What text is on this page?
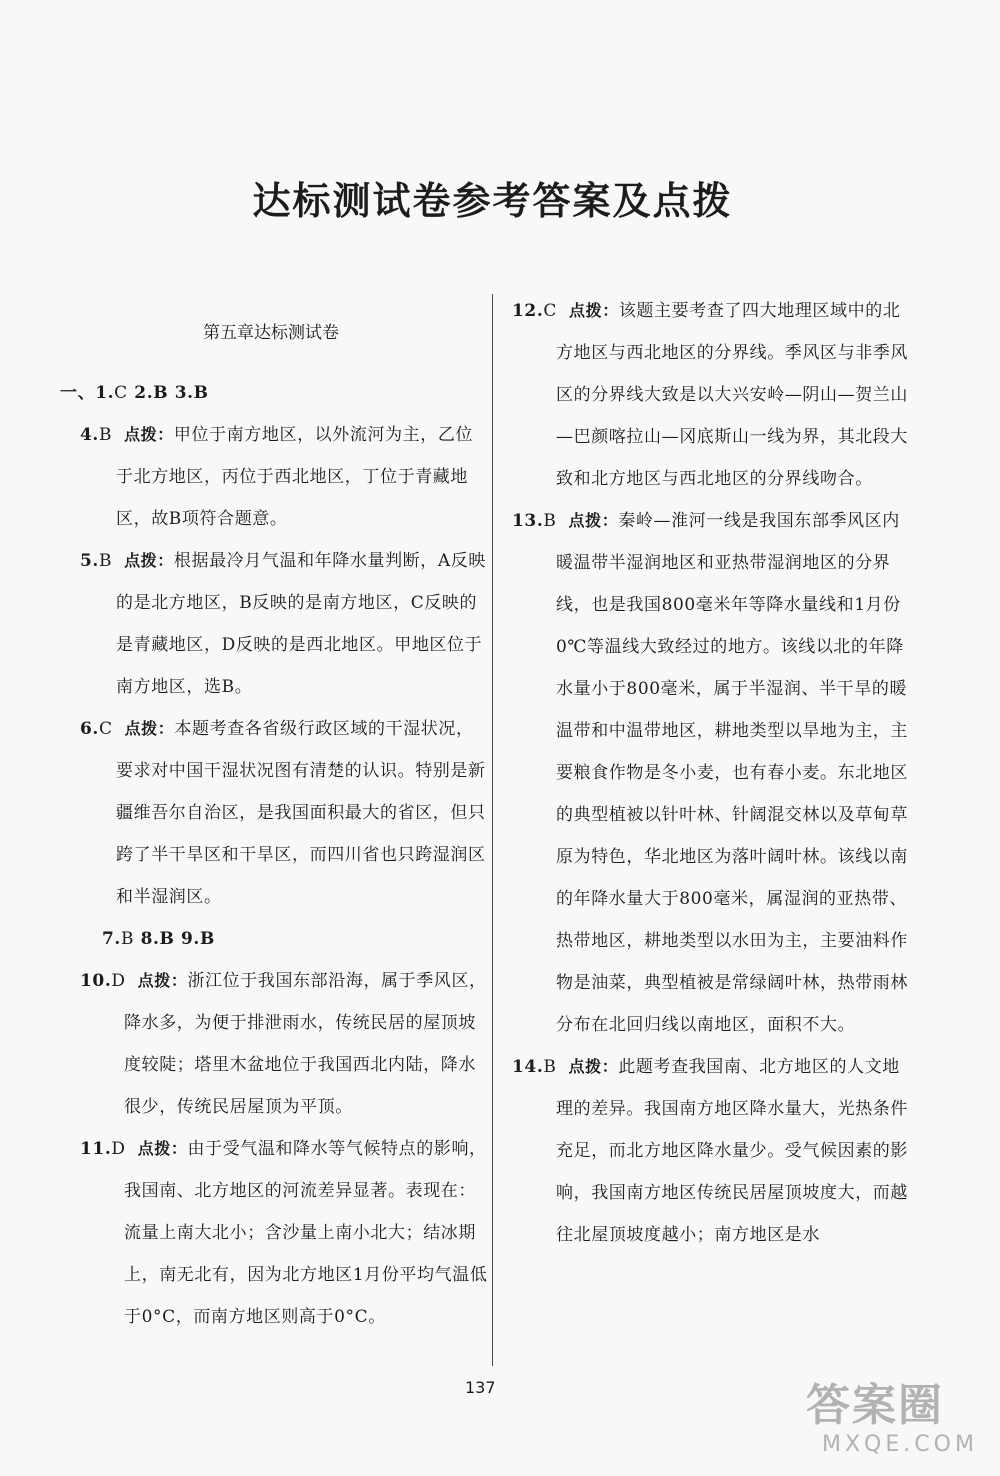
达标测试卷参考答案及点拨
第五章达标测试卷
一、1.C 2.B 3.B
4.B 点拨：甲位于南方地区，以外流河为主，乙位于北方地区，丙位于西北地区，丁位于青藏地区，故B项符合题意。
5.B 点拨：根据最冷月气温和年降水量判断，A反映的是北方地区，B反映的是南方地区，C反映的是青藏地区，D反映的是西北地区。甲地区位于南方地区，选B。
6.C 点拨：本题考查各省级行政区域的干湿状况，要求对中国干湿状况图有清楚的认识。特别是新疆维吾尔自治区，是我国面积最大的省区，但只跨了半干旱区和干旱区，而四川省也只跨湿润区和半湿润区。
7.B 8.B 9.B
10.D 点拨：浙江位于我国东部沿海，属于季风区，降水多，为便于排泄雨水，传统民居的屋顶坡度较陡；塔里木盆地位于我国西北内陆，降水很少，传统民居屋顶为平顶。
11.D 点拨：由于受气温和降水等气候特点的影响，我国南、北方地区的河流差异显著。表现在：流量上南大北小；含沙量上南小北大；结冰期上，南无北有，因为北方地区1月份平均气温低于0°C，而南方地区则高于0°C。
12.C 点拨：该题主要考查了四大地理区域中的北方地区与西北地区的分界线。季风区与非季风区的分界线大致是以大兴安岭—阴山—贺兰山—巴颜喀拉山—冈底斯山一线为界，其北段大致和北方地区与西北地区的分界线吻合。
13.B 点拨：秦岭—淮河一线是我国东部季风区内暖温带半湿润地区和亚热带湿润地区的分界线，也是我国800毫米年等降水量线和1月份0℃等温线大致经过的地方。该线以北的年降水量小于800毫米，属于半湿润、半干旱的暖温带和中温带地区，耕地类型以旱地为主，主要粮食作物是冬小麦，也有春小麦。东北地区的典型植被以针叶林、针阔混交林以及草甸草原为特色，华北地区为落叶阔叶林。该线以南的年降水量大于800毫米，属湿润的亚热带、热带地区，耕地类型以水田为主，主要油料作物是油菜，典型植被是常绿阔叶林，热带雨林分布在北回归线以南地区，面积不大。
14.B 点拨：此题考查我国南、北方地区的人文地理的差异。我国南方地区降水量大，光热条件充足，而北方地区降水量少。受气候因素的影响，我国南方地区传统民居屋顶坡度大，而越往北屋顶坡度越小；南方地区是水
137	答案圈
MXQE.COM
